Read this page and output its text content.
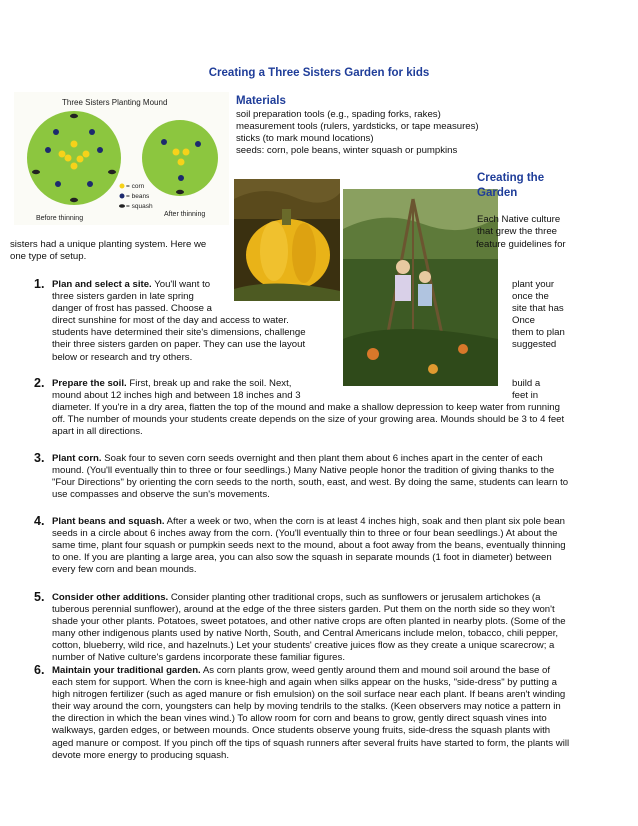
Creating a Three Sisters Garden for kids
Three Sisters Planting Mound
= corn
= beans
= squash
Before thinning
After thinning
Materials
soil preparation tools (e.g., spading forks, rakes)
measurement tools (rulers, yardsticks, or tape measures)
sticks (to mark mound locations)
seeds: corn, pole beans, winter squash or pumpkins
Creating the Garden
Each Native culture
that grew the three
sisters had a unique planting system. Here we	feature guidelines for
one type of setup.
1. Plan and select a site. You'll want to	plant your
three sisters garden in late spring	once the
danger of frost has passed. Choose a	site that has
direct sunshine for most of the day and access to water.	Once
students have determined their site's dimensions, challenge	them to plan
their three sisters garden on paper. They can use the layout	suggested
below or research and try others.
2. Prepare the soil. First, break up and rake the soil. Next,	build a
mound about 12 inches high and between 18 inches and 3	feet in
diameter. If you're in a dry area, flatten the top of the mound and make a shallow depression to keep water from running off. The number of mounds your students create depends on the size of your growing area. Mounds should be 3 to 4 feet apart in all directions.
3. Plant corn. Soak four to seven corn seeds overnight and then plant them about 6 inches apart in the center of each mound. (You'll eventually thin to three or four seedlings.) Many Native people honor the tradition of giving thanks to the "Four Directions" by orienting the corn seeds to the north, south, east, and west. By doing the same, students can learn to use compasses and observe the sun's movements.
4. Plant beans and squash. After a week or two, when the corn is at least 4 inches high, soak and then plant six pole bean seeds in a circle about 6 inches away from the corn. (You'll eventually thin to three or four bean seedlings.) At about the same time, plant four squash or pumpkin seeds next to the mound, about a foot away from the beans, eventually thinning to one. If you are planting a large area, you can also sow the squash in separate mounds (1 foot in diameter) between every few corn and bean mounds.
5. Consider other additions. Consider planting other traditional crops, such as sunflowers or jerusalem artichokes (a tuberous perennial sunflower), around at the edge of the three sisters garden. Put them on the north side so they won't shade your other plants. Potatoes, sweet potatoes, and other native crops are often planted in nearby plots. (Some of the many other indigenous plants used by native North, South, and Central Americans include melon, tobacco, chili pepper, cotton, blueberry, wild rice, and hazelnuts.) Let your students' creative juices flow as they create a unique scarecrow; a number of Native culture's gardens incorporate these familiar figures.
6. Maintain your traditional garden. As corn plants grow, weed gently around them and mound soil around the base of each stem for support. When the corn is knee-high and again when silks appear on the husks, "side-dress" by putting a high nitrogen fertilizer (such as aged manure or fish emulsion) on the soil surface near each plant. If beans aren't winding their way around the corn, youngsters can help by moving tendrils to the stalks. (Keen observers may notice a pattern in the direction in which the bean vines wind.) To allow room for corn and beans to grow, gently direct squash vines into walkways, garden edges, or between mounds. Once students observe young fruits, side-dress the squash plants with aged manure or compost. If you pinch off the tips of squash runners after several fruits have started to form, the plants will devote more energy to producing squash.
